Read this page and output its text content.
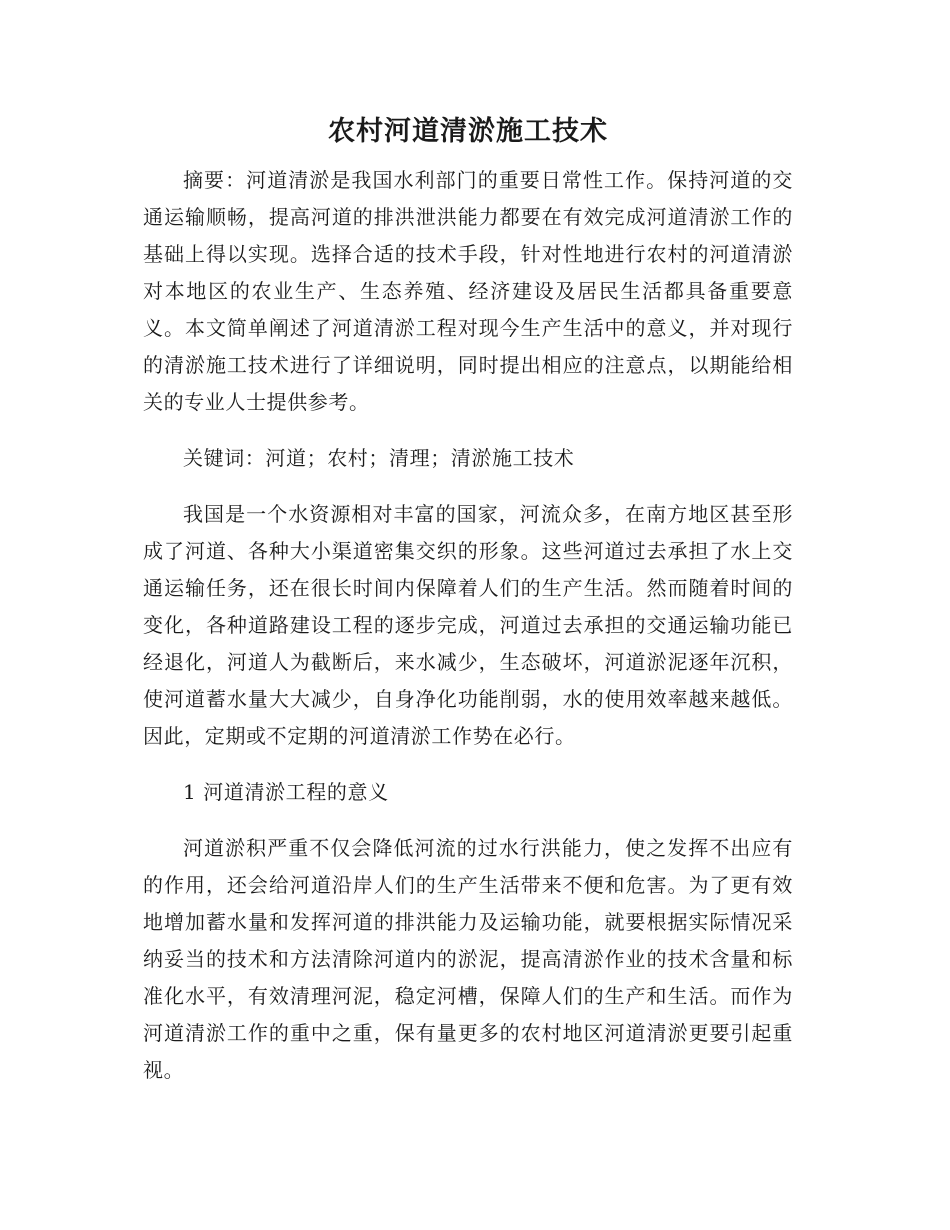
农村河道清淤施工技术

摘要：河道清淤是我国水利部门的重要日常性工作。保持河道的交通运输顺畅，提高河道的排洪泄洪能力都要在有效完成河道清淤工作的基础上得以实现。选择合适的技术手段，针对性地进行农村的河道清淤对本地区的农业生产、生态养殖、经济建设及居民生活都具备重要意义。本文简单阐述了河道清淤工程对现今生产生活中的意义，并对现行的清淤施工技术进行了详细说明，同时提出相应的注意点，以期能给相关的专业人士提供参考。

关键词：河道；农村；清理；清淤施工技术

我国是一个水资源相对丰富的国家，河流众多，在南方地区甚至形成了河道、各种大小渠道密集交织的形象。这些河道过去承担了水上交通运输任务，还在很长时间内保障着人们的生产生活。然而随着时间的变化，各种道路建设工程的逐步完成，河道过去承担的交通运输功能已经退化，河道人为截断后，来水减少，生态破坏，河道淤泥逐年沉积，使河道蓄水量大大减少，自身净化功能削弱，水的使用效率越来越低。因此，定期或不定期的河道清淤工作势在必行。

1 河道清淤工程的意义

河道淤积严重不仅会降低河流的过水行洪能力，使之发挥不出应有的作用，还会给河道沿岸人们的生产生活带来不便和危害。为了更有效地增加蓄水量和发挥河道的排洪能力及运输功能，就要根据实际情况采纳妥当的技术和方法清除河道内的淤泥，提高清淤作业的技术含量和标准化水平，有效清理河泥，稳定河槽，保障人们的生产和生活。而作为河道清淤工作的重中之重，保有量更多的农村地区河道清淤更要引起重视。
